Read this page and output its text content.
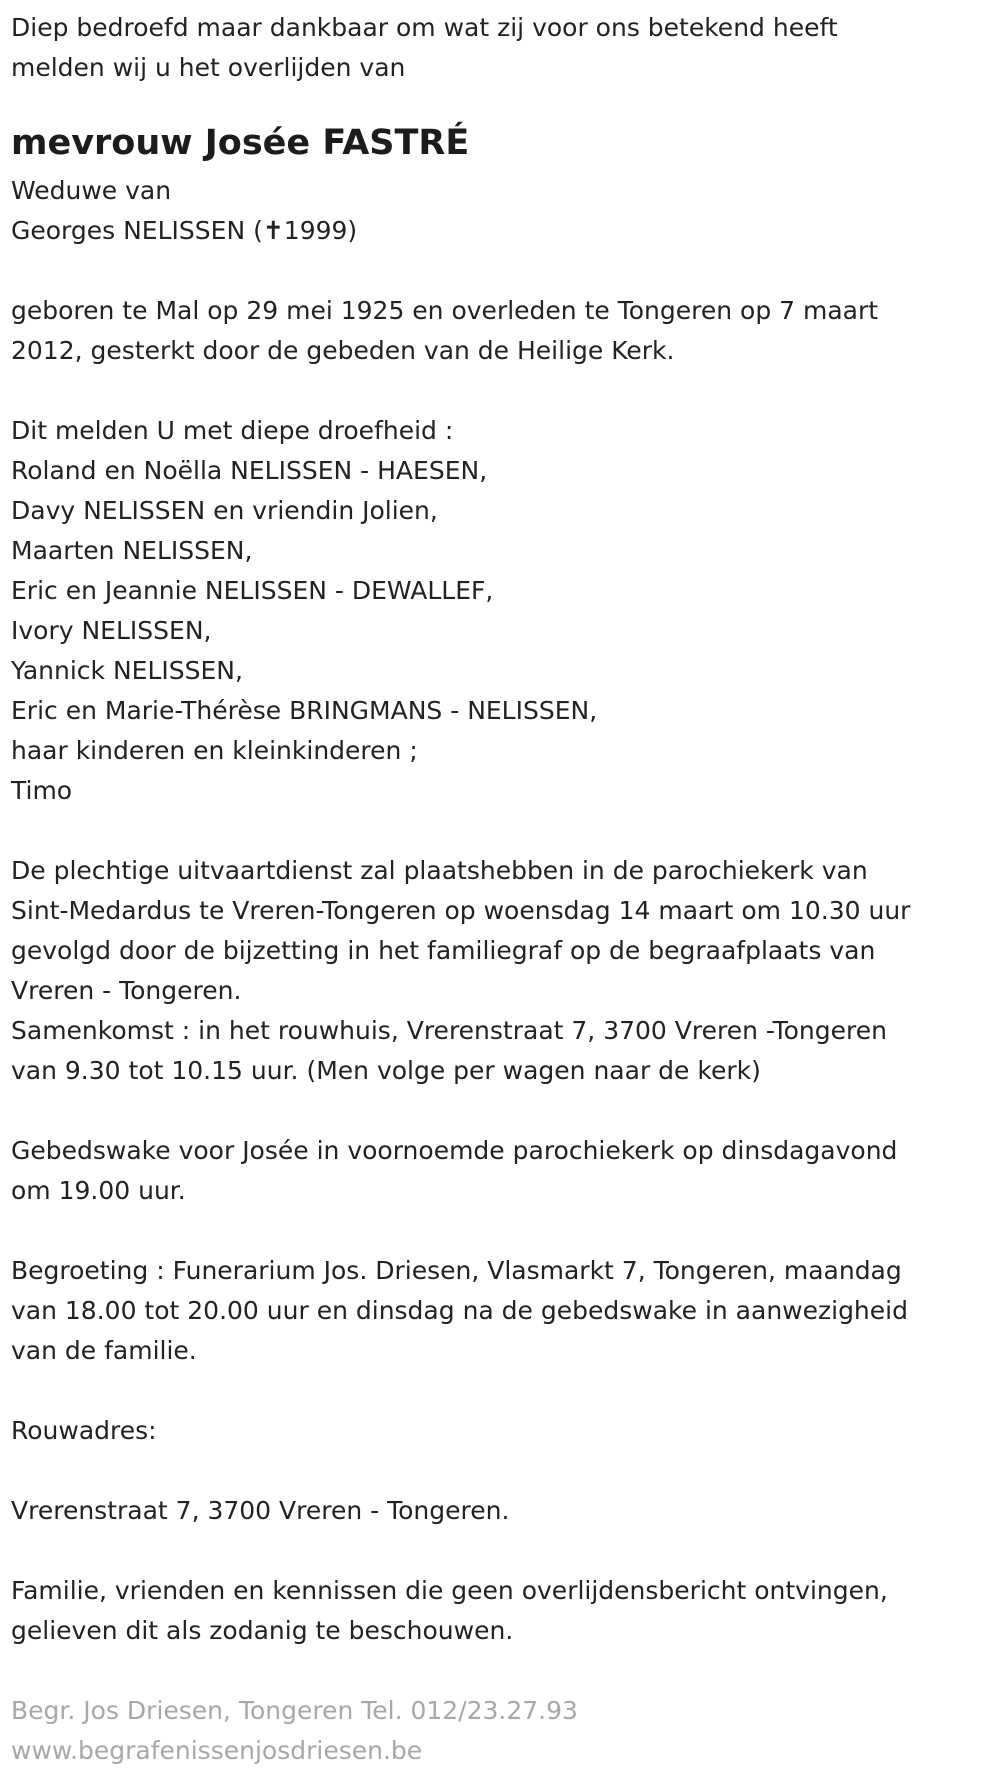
Diep bedroefd maar dankbaar om wat zij voor ons betekend heeft

melden wij u het overlijden van

mevrouw Josée FASTRÉ

Weduwe van

Georges NELISSEN (✝1999)

geboren te Mal op 29 mei 1925 en overleden te Tongeren op 7 maart

2012, gesterkt door de gebeden van de Heilige Kerk.

Dit melden U met diepe droefheid :

Roland en Noëlla NELISSEN - HAESEN,

Davy NELISSEN en vriendin Jolien,

Maarten NELISSEN,

Eric en Jeannie NELISSEN - DEWALLEF,

Ivory NELISSEN,

Yannick NELISSEN,

Eric en Marie-Thérèse BRINGMANS - NELISSEN,

haar kinderen en kleinkinderen ;

Timo

De plechtige uitvaartdienst zal plaatshebben in de parochiekerk van

Sint-Medardus te Vreren-Tongeren op woensdag 14 maart om 10.30 uur

gevolgd door de bijzetting in het familiegraf op de begraafplaats van

Vreren - Tongeren.

Samenkomst : in het rouwhuis, Vrerenstraat 7, 3700 Vreren -Tongeren

van 9.30 tot 10.15 uur. (Men volge per wagen naar de kerk)

Gebedswake voor Josée in voornoemde parochiekerk op dinsdagavond

om 19.00 uur.

Begroeting : Funerarium Jos. Driesen, Vlasmarkt 7, Tongeren, maandag

van 18.00 tot 20.00 uur en dinsdag na de gebedswake in aanwezigheid

van de familie.

Rouwadres:

Vrerenstraat 7, 3700 Vreren - Tongeren.

Familie, vrienden en kennissen die geen overlijdensbericht ontvingen,

gelieven dit als zodanig te beschouwen.

Begr. Jos Driesen, Tongeren Tel. 012/23.27.93

www.begrafenissenjosdriesen.be
